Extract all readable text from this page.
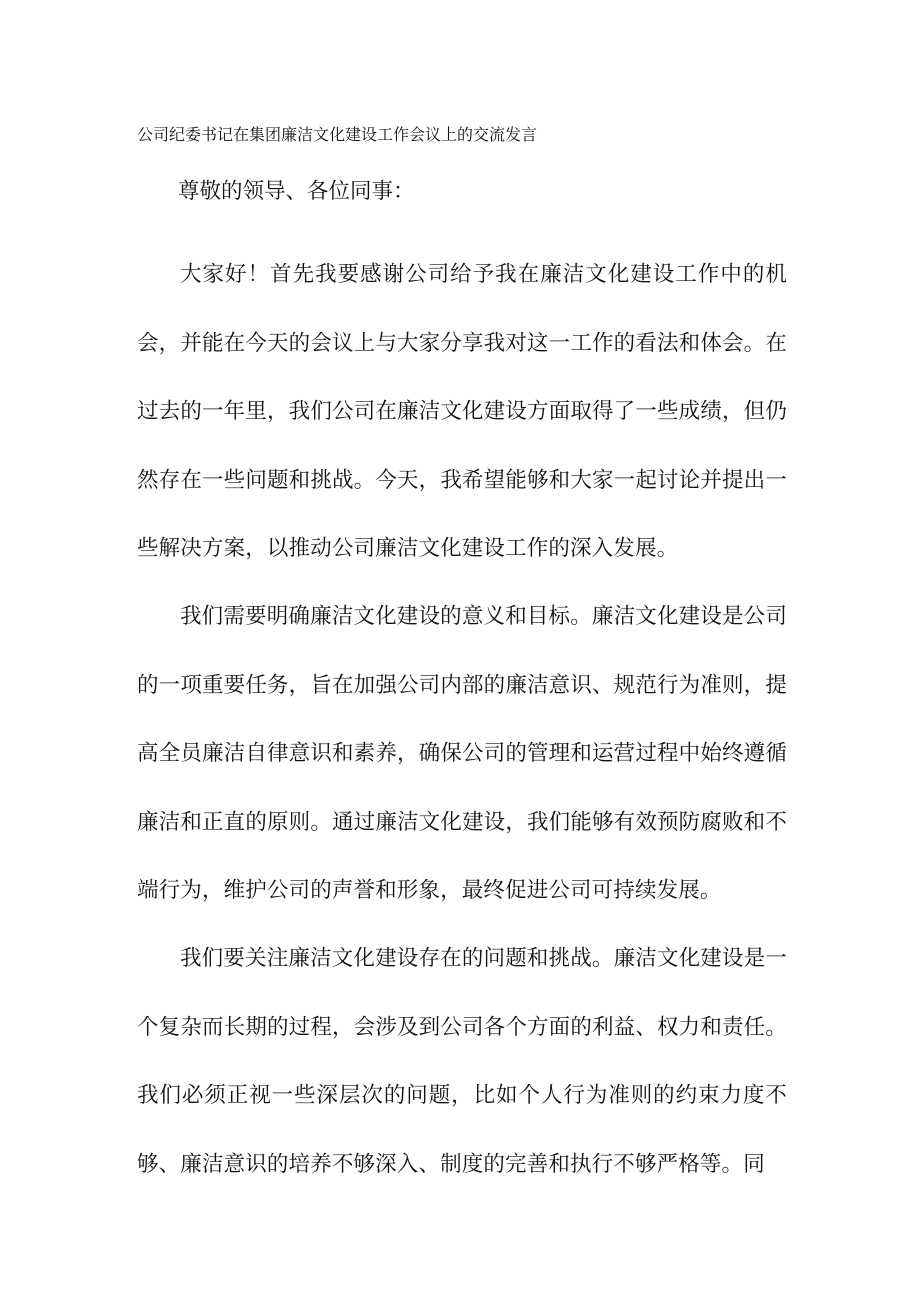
公司纪委书记在集团廉洁文化建设工作会议上的交流发言
尊敬的领导、各位同事：

大家好！首先我要感谢公司给予我在廉洁文化建设工作中的机会，并能在今天的会议上与大家分享我对这一工作的看法和体会。在过去的一年里，我们公司在廉洁文化建设方面取得了一些成绩，但仍然存在一些问题和挑战。今天，我希望能够和大家一起讨论并提出一些解决方案，以推动公司廉洁文化建设工作的深入发展。

我们需要明确廉洁文化建设的意义和目标。廉洁文化建设是公司的一项重要任务，旨在加强公司内部的廉洁意识、规范行为准则，提高全员廉洁自律意识和素养，确保公司的管理和运营过程中始终遵循廉洁和正直的原则。通过廉洁文化建设，我们能够有效预防腐败和不端行为，维护公司的声誉和形象，最终促进公司可持续发展。

我们要关注廉洁文化建设存在的问题和挑战。廉洁文化建设是一个复杂而长期的过程，会涉及到公司各个方面的利益、权力和责任。我们必须正视一些深层次的问题，比如个人行为准则的约束力度不够、廉洁意识的培养不够深入、制度的完善和执行不够严格等。同
